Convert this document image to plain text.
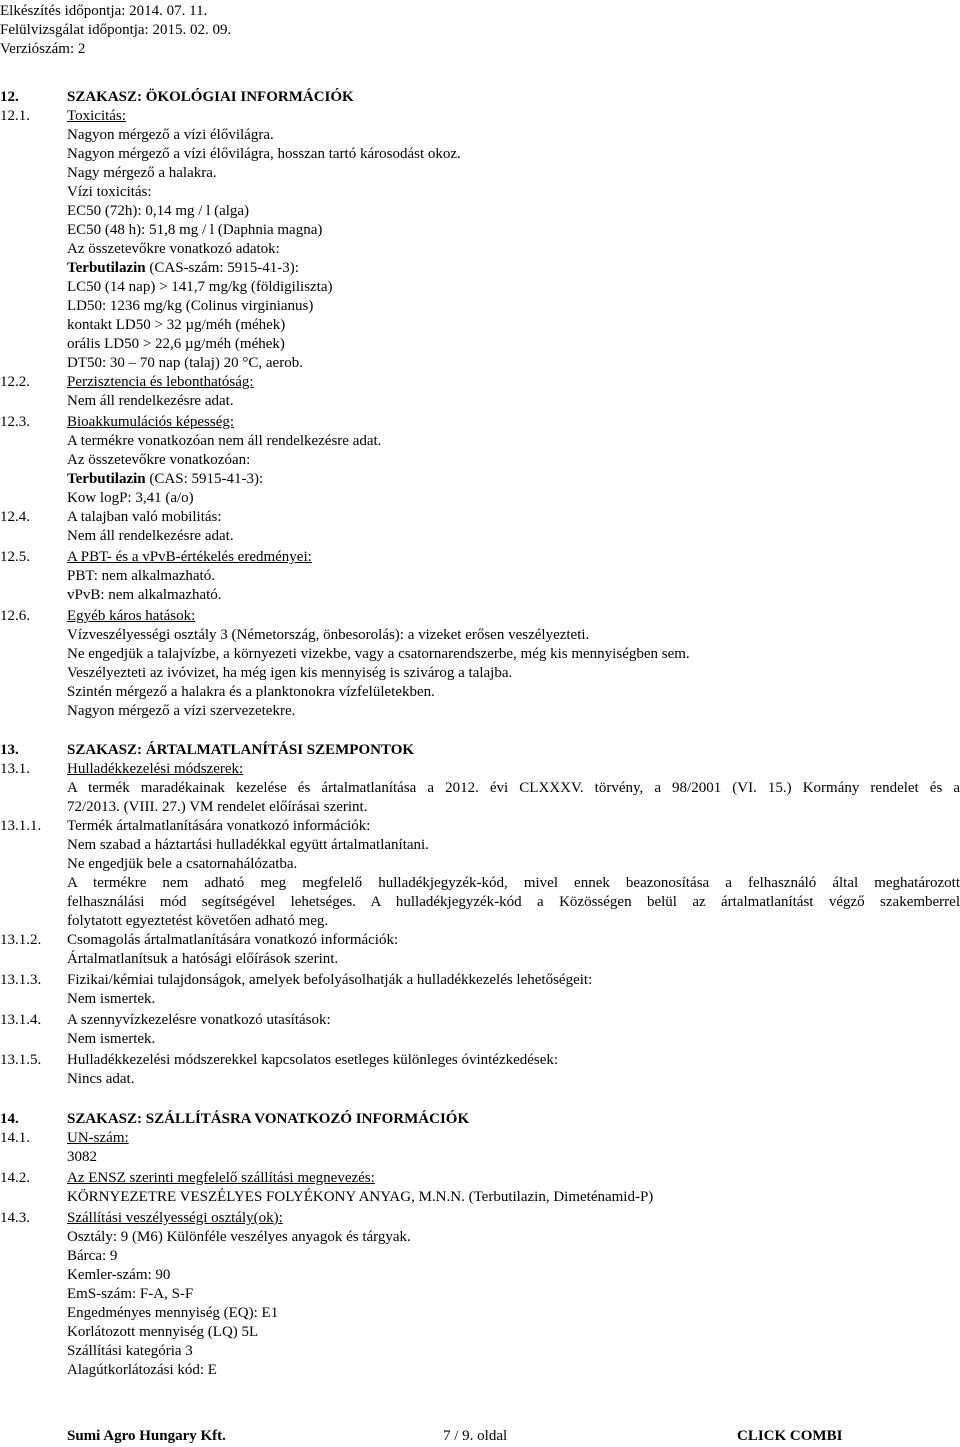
Elkészítés időpontja: 2014. 07. 11.
Felülvizsgálat időpontja: 2015. 02. 09.
Verziószám: 2
12.	SZAKASZ: ÖKOLÓGIAI INFORMÁCIÓK
12.1. Toxicitás:
Nagyon mérgező a vízi élővilágra.
Nagyon mérgező a vízi élővilágra, hosszan tartó károsodást okoz.
Nagy mérgező a halakra.
Vízi toxicitás:
EC50 (72h): 0,14 mg / l (alga)
EC50 (48 h): 51,8 mg / l (Daphnia magna)
Az összetevőkre vonatkozó adatok:
Terbutilazin (CAS-szám: 5915-41-3):
LC50 (14 nap) > 141,7 mg/kg (földigiliszta)
LD50: 1236 mg/kg (Colinus virginianus)
kontakt LD50 > 32 µg/méh (méhek)
orális LD50 > 22,6 µg/méh (méhek)
DT50: 30 – 70 nap (talaj) 20 °C, aerob.
12.2. Perzisztencia és lebonthatóság:
Nem áll rendelkezésre adat.
12.3. Bioakkumulációs képesség:
A termékre vonatkozóan nem áll rendelkezésre adat.
Az összetevőkre vonatkozóan:
Terbutilazin (CAS: 5915-41-3):
Kow logP: 3,41 (a/o)
12.4. A talajban való mobilitás:
Nem áll rendelkezésre adat.
12.5. A PBT- és a vPvB-értékelés eredményei:
PBT: nem alkalmazható.
vPvB: nem alkalmazható.
12.6. Egyéb káros hatások:
Vízveszélyességi osztály 3 (Németország, önbesorolás): a vizeket erősen veszélyezteti.
Ne engedjük a talajvízbe, a környezeti vizekbe, vagy a csatornarendszerbe, még kis mennyiségben sem.
Veszélyezteti az ivóvizet, ha még igen kis mennyiség is szivárog a talajba.
Szintén mérgező a halakra és a planktonokra vízfelületekben.
Nagyon mérgező a vízi szervezetekre.
13.	SZAKASZ: ÁRTALMATLANÍTÁSI SZEMPONTOK
13.1. Hulladékkezelési módszerek:
A termék maradékainak kezelése és ártalmatlanítása a 2012. évi CLXXXV. törvény, a 98/2001 (VI. 15.) Kormány rendelet és a
72/2013. (VIII. 27.) VM rendelet előírásai szerint.
13.1.1. Termék ártalmatlanítására vonatkozó információk:
Nem szabad a háztartási hulladékkal együtt ártalmatlanítani.
Ne engedjük bele a csatornahálózatba.
A termékre nem adható meg megfelelő hulladékjegyzék-kód, mivel ennek beazonosítása a felhasználó által meghatározott
felhasználási mód segítségével lehetséges. A hulladékjegyzék-kód a Közösségen belül az ártalmatlanítást végző szakemberrel
folytatott egyeztetést követően adható meg.
13.1.2. Csomagolás ártalmatlanítására vonatkozó információk:
Ártalmatlanítsuk a hatósági előírások szerint.
13.1.3. Fizikai/kémiai tulajdonságok, amelyek befolyásolhatják a hulladékkezelés lehetőségeit:
Nem ismertek.
13.1.4. A szennyvízkezelésre vonatkozó utasítások:
Nem ismertek.
13.1.5. Hulladékkezelési módszerekkel kapcsolatos esetleges különleges óvintézkedések:
Nincs adat.
14.	SZAKASZ: SZÁLLÍTÁSRA VONATKOZÓ INFORMÁCIÓK
14.1. UN-szám:
3082
14.2. Az ENSZ szerinti megfelelő szállítási megnevezés:
KÖRNYEZETRE VESZÉLYES FOLYÉKONY ANYAG, M.N.N. (Terbutilazin, Dimeténamid-P)
14.3. Szállítási veszélyességi osztály(ok):
Osztály: 9 (M6) Különféle veszélyes anyagok és tárgyak.
Bárca: 9
Kemler-szám: 90
EmS-szám: F-A, S-F
Engedményes mennyiség (EQ): E1
Korlátozott mennyiség (LQ) 5L
Szállítási kategória 3
Alagútkorlátozási kód: E
Sumi Agro Hungary Kft.	7 / 9. oldal	CLICK COMBI
